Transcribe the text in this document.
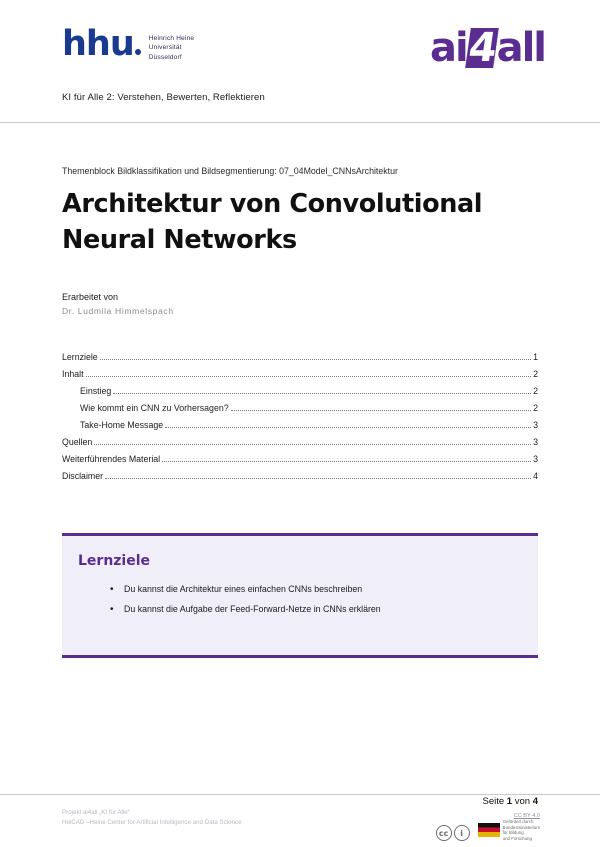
hhu	Heinrich Heine
Universität
Düsseldorf	ai
4
all
KI für Alle 2: Verstehen, Bewerten, Reflektieren
Themenblock Bildklassifikation und Bildsegmentierung: 07_04Model_CNNsArchitektur
Architektur von Convolutional Neural Networks
Erarbeitet von
Dr. Ludmila Himmelspach
Lernziele	1
Inhalt	2
Einstieg	2
Wie kommt ein CNN zu Vorhersagen?	2
Take-Home Message	3
Quellen	3
Weiterführendes Material	3
Disclaimer	4
Lernziele
• Du kannst die Architektur eines einfachen CNNs beschreiben
• Du kannst die Aufgabe der Feed-Forward-Netze in CNNs erklären
Seite 1 von 4
Projekt ai4all „KI für Alle“
HeiCAD –Heine Center for Artificial Intelligence and Data Science
CC BY 4.0
cc	i
Gefördert durch
Bundesministerium
für Bildung
und Forschung
